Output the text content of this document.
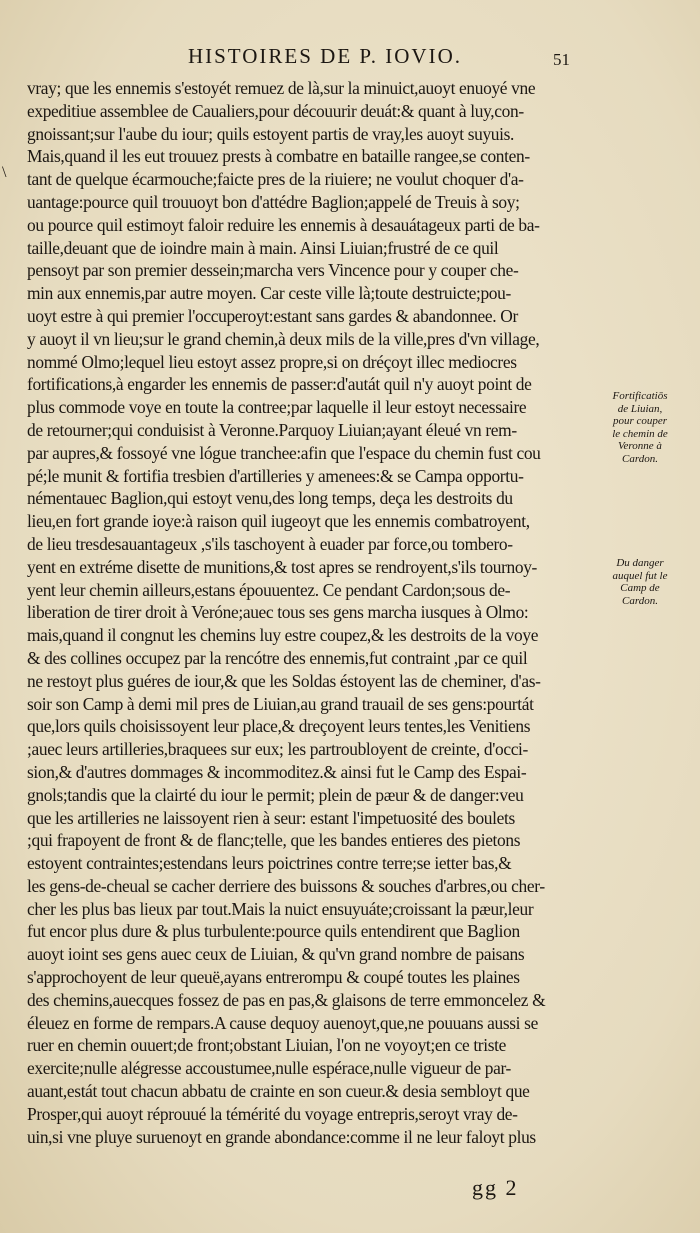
HISTOIRES DE P. IOVIO.	51
\
vray; que les ennemis s'estoyét remuez de là,sur la minuict,auoyt enuoyé vne
expeditiue assemblee de Caualiers,pour découurir deuát:& quant à luy,con-
gnoissant;sur l'aube du iour; quils estoyent partis de vray,les auoyt suyuis.
Mais,quand il les eut trouuez prests à combatre en bataille rangee,se conten-
tant de quelque écarmouche;faicte pres de la riuiere; ne voulut choquer d'a-
uantage:pource quil trouuoyt bon d'attédre Baglion;appelé de Treuis à soy;
ou pource quil estimoyt faloir reduire les ennemis à desauátageux parti de ba-
taille,deuant que de ioindre main à main. Ainsi Liuian;frustré de ce quil
pensoyt par son premier dessein;marcha vers Vincence pour y couper che-
min aux ennemis,par autre moyen. Car ceste ville là;toute destruicte;pou-
uoyt estre à qui premier l'occuperoyt:estant sans gardes & abandonnee. Or
y auoyt il vn lieu;sur le grand chemin,à deux mils de la ville,pres d'vn village,
nommé Olmo;lequel lieu estoyt assez propre,si on dréçoyt illec mediocres
fortifications,à engarder les ennemis de passer:d'autát quil n'y auoyt point de
plus commode voye en toute la contree;par laquelle il leur estoyt necessaire
de retourner;qui conduisist à Veronne.Parquoy Liuian;ayant éleué vn rem-
par aupres,& fossoyé vne lógue tranchee:afin que l'espace du chemin fust cou
pé;le munit & fortifia tresbien d'artilleries y amenees:& se Campa opportu-
némentauec Baglion,qui estoyt venu,des long temps, deça les destroits du
lieu,en fort grande ioye:à raison quil iugeoyt que les ennemis combatroyent,
de lieu tresdesauantageux ,s'ils taschoyent à euader par force,ou tombero-
yent en extréme disette de munitions,& tost apres se rendroyent,s'ils tournoy-
yent leur chemin ailleurs,estans épouuentez. Ce pendant Cardon;sous de-
liberation de tirer droit à Veróne;auec tous ses gens marcha iusques à Olmo:
mais,quand il congnut les chemins luy estre coupez,& les destroits de la voye
& des collines occupez par la rencótre des ennemis,fut contraint ,par ce quil
ne restoyt plus guéres de iour,& que les Soldas éstoyent las de cheminer, d'as-
soir son Camp à demi mil pres de Liuian,au grand trauail de ses gens:pourtát
que,lors quils choisissoyent leur place,& dreçoyent leurs tentes,les Venitiens
;auec leurs artilleries,braquees sur eux; les partroubloyent de creinte, d'occi-
sion,& d'autres dommages & incommoditez.& ainsi fut le Camp des Espai-
gnols;tandis que la clairté du iour le permit; plein de pæur & de danger:veu
que les artilleries ne laissoyent rien à seur: estant l'impetuosité des boulets
;qui frapoyent de front & de flanc;telle, que les bandes entieres des pietons
estoyent contraintes;estendans leurs poictrines contre terre;se ietter bas,&
les gens-de-cheual se cacher derriere des buissons & souches d'arbres,ou cher-
cher les plus bas lieux par tout.Mais la nuict ensuyuáte;croissant la pæur,leur
fut encor plus dure & plus turbulente:pource quils entendirent que Baglion
auoyt ioint ses gens auec ceux de Liuian, & qu'vn grand nombre de paisans
s'approchoyent de leur queuë,ayans entrerompu & coupé toutes les plaines
des chemins,auecques fossez de pas en pas,& glaisons de terre emmoncelez &
éleuez en forme de rempars.A cause dequoy auenoyt,que,ne pouuans aussi se
ruer en chemin ouuert;de front;obstant Liuian, l'on ne voyoyt;en ce triste
exercite;nulle alégresse accoustumee,nulle espérace,nulle vigueur de par-
auant,estát tout chacun abbatu de crainte en son cueur.& desia sembloyt que
Prosper,qui auoyt réprouué la témérité du voyage entrepris,seroyt vray de-
uin,si vne pluye suruenoyt en grande abondance:comme il ne leur faloyt plus
Fortificatiōs
de Liuian,
pour couper
le chemin de
Veronne à
Cardon.
Du danger
auquel fut le
Camp de
Cardon.
gg 2
